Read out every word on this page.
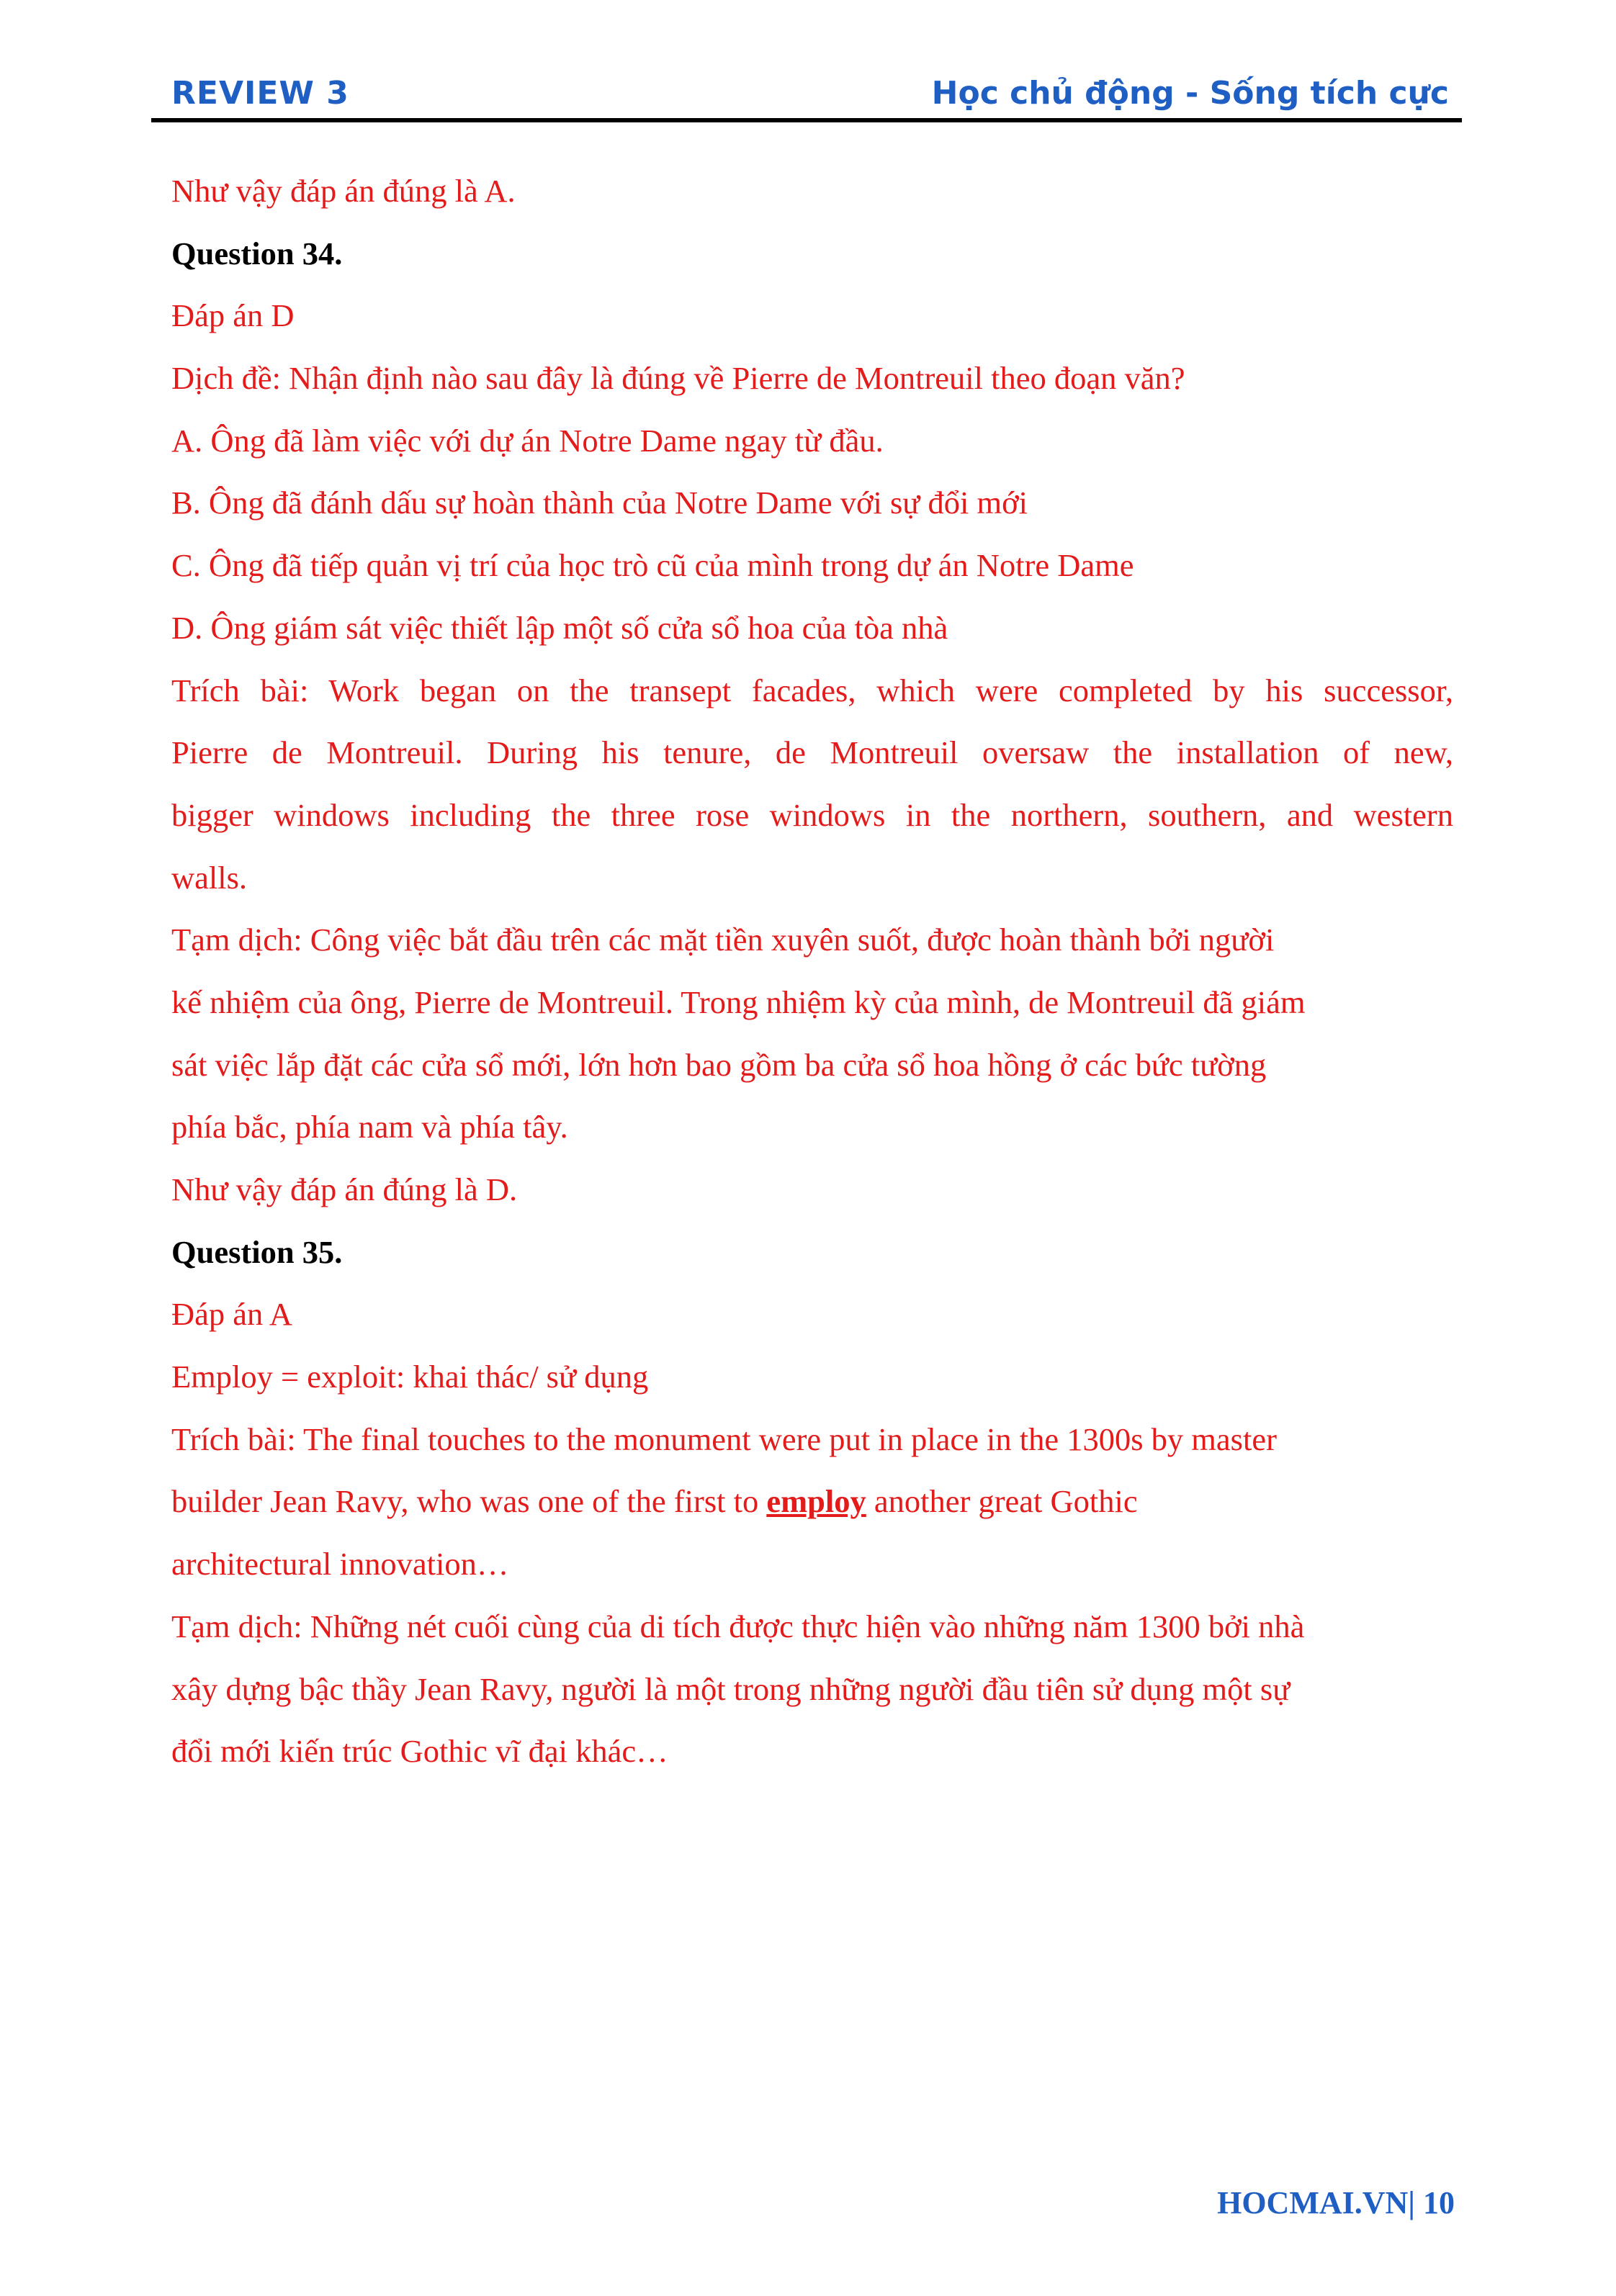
REVIEW 3	Học chủ động - Sống tích cực
Như vậy đáp án đúng là A.
Question 34.
Đáp án D
Dịch đề: Nhận định nào sau đây là đúng về Pierre de Montreuil theo đoạn văn?
A. Ông đã làm việc với dự án Notre Dame ngay từ đầu.
B. Ông đã đánh dấu sự hoàn thành của Notre Dame với sự đổi mới
C. Ông đã tiếp quản vị trí của học trò cũ của mình trong dự án Notre Dame
D. Ông giám sát việc thiết lập một số cửa sổ hoa của tòa nhà
Trích bài: Work began on the transept facades, which were completed by his successor,
Pierre de Montreuil. During his tenure, de Montreuil oversaw the installation of new,
bigger windows including the three rose windows in the northern, southern, and western
walls.
Tạm dịch: Công việc bắt đầu trên các mặt tiền xuyên suốt, được hoàn thành bởi người
kế nhiệm của ông, Pierre de Montreuil. Trong nhiệm kỳ của mình, de Montreuil đã giám
sát việc lắp đặt các cửa sổ mới, lớn hơn bao gồm ba cửa sổ hoa hồng ở các bức tường
phía bắc, phía nam và phía tây.
Như vậy đáp án đúng là D.
Question 35.
Đáp án A
Employ = exploit: khai thác/ sử dụng
Trích bài: The final touches to the monument were put in place in the 1300s by master
builder Jean Ravy, who was one of the first to employ another great Gothic
architectural innovation…
Tạm dịch: Những nét cuối cùng của di tích được thực hiện vào những năm 1300 bởi nhà
xây dựng bậc thầy Jean Ravy, người là một trong những người đầu tiên sử dụng một sự
đổi mới kiến trúc Gothic vĩ đại khác…
HOCMAI.VN| 10
